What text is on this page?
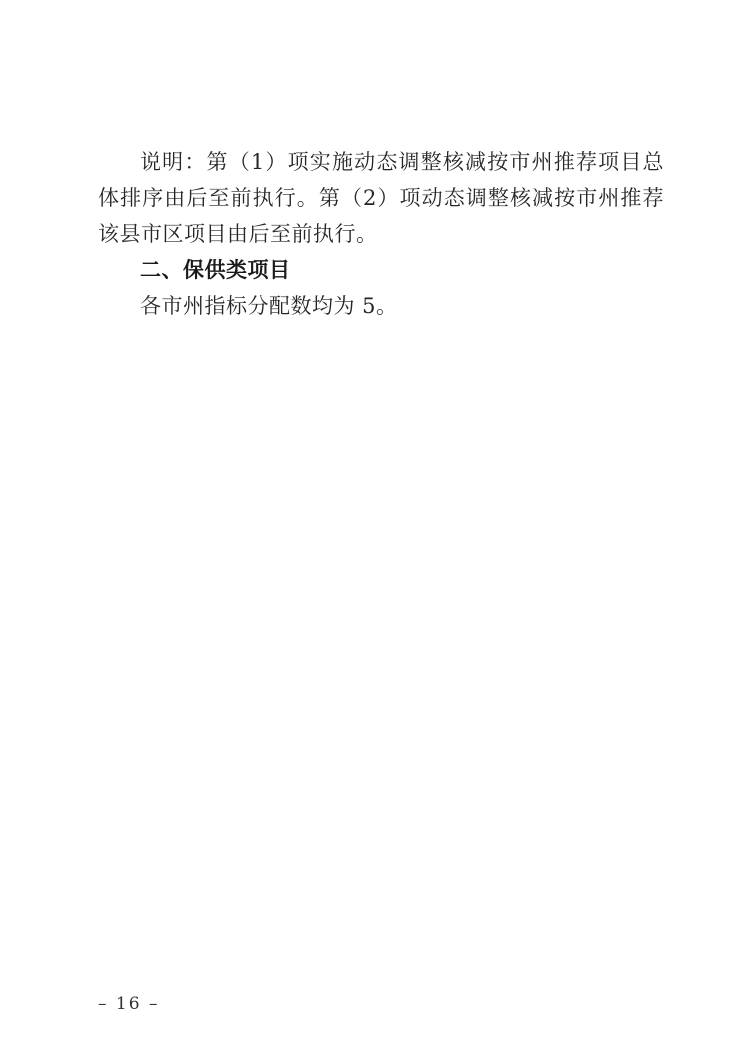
说明：第（1）项实施动态调整核减按市州推荐项目总体排序由后至前执行。第（2）项动态调整核减按市州推荐该县市区项目由后至前执行。

二、保供类项目

各市州指标分配数均为 5。

– 16 –
